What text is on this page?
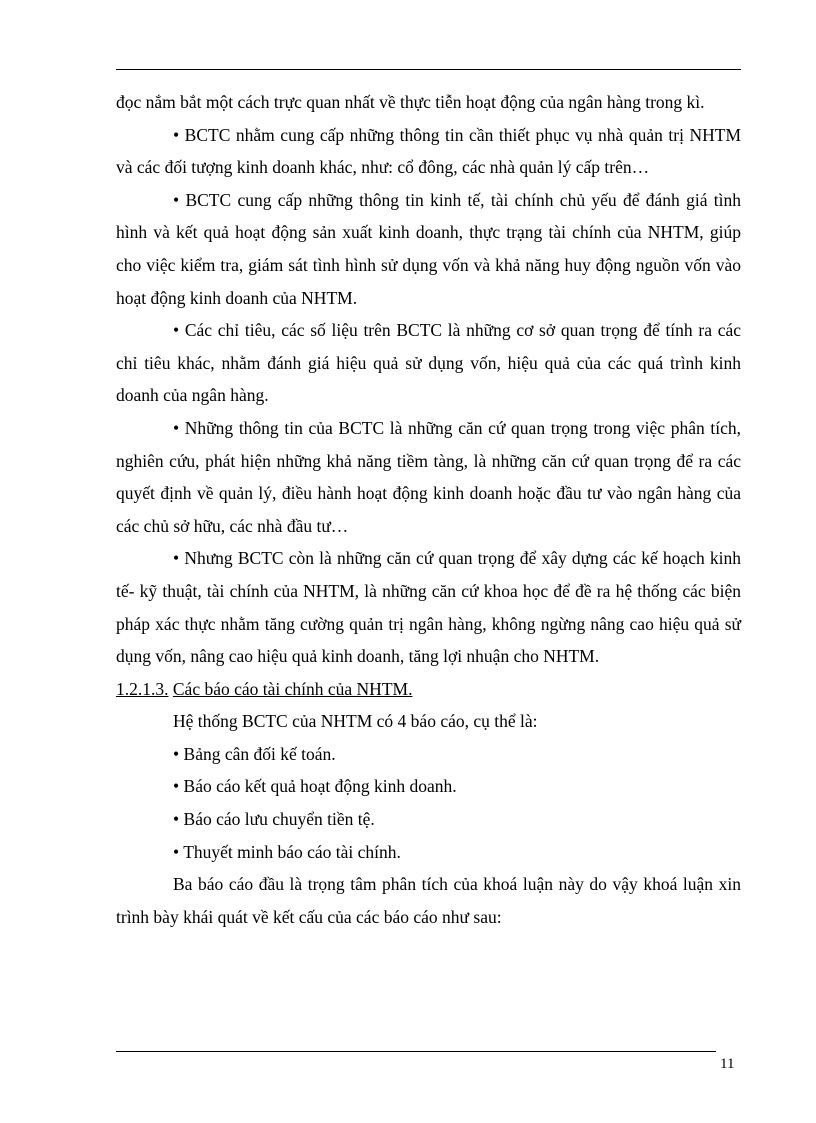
đọc nắm bắt một cách trực quan nhất về thực tiễn hoạt động của ngân hàng trong kì.

• BCTC nhằm cung cấp những thông tin cần thiết phục vụ nhà quản trị NHTM và các đối tượng kinh doanh khác, như: cổ đông, các nhà quản lý cấp trên…

• BCTC cung cấp những thông tin kinh tế, tài chính chủ yếu để đánh giá tình hình và kết quả hoạt động sản xuất kinh doanh, thực trạng tài chính của NHTM, giúp cho việc kiểm tra, giám sát tình hình sử dụng vốn và khả năng huy động nguồn vốn vào hoạt động kinh doanh của NHTM.

• Các chỉ tiêu, các số liệu trên BCTC là những cơ sở quan trọng để tính ra các chỉ tiêu khác, nhằm đánh giá hiệu quả sử dụng vốn, hiệu quả của các quá trình kinh doanh của ngân hàng.

• Những thông tin của BCTC là những căn cứ quan trọng trong việc phân tích, nghiên cứu, phát hiện những khả năng tiềm tàng, là những căn cứ quan trọng để ra các quyết định về quản lý, điều hành hoạt động kinh doanh hoặc đầu tư vào ngân hàng của các chủ sở hữu, các nhà đầu tư…

• Nhưng BCTC còn là những căn cứ quan trọng để xây dựng các kế hoạch kinh tế- kỹ thuật, tài chính của NHTM, là những căn cứ khoa học để đề ra hệ thống các biện pháp xác thực nhằm tăng cường quản trị ngân hàng, không ngừng nâng cao hiệu quả sử dụng vốn, nâng cao hiệu quả kinh doanh, tăng lợi nhuận cho NHTM.

1.2.1.3. Các báo cáo tài chính của NHTM.

Hệ thống BCTC của NHTM có 4 báo cáo, cụ thể là:

• Bảng cân đối kế toán.

• Báo cáo kết quả hoạt động kinh doanh.

• Báo cáo lưu chuyển tiền tệ.

• Thuyết minh báo cáo tài chính.

Ba báo cáo đầu là trọng tâm phân tích của khoá luận này do vậy khoá luận xin trình bày khái quát về kết cấu của các báo cáo như sau:

11
